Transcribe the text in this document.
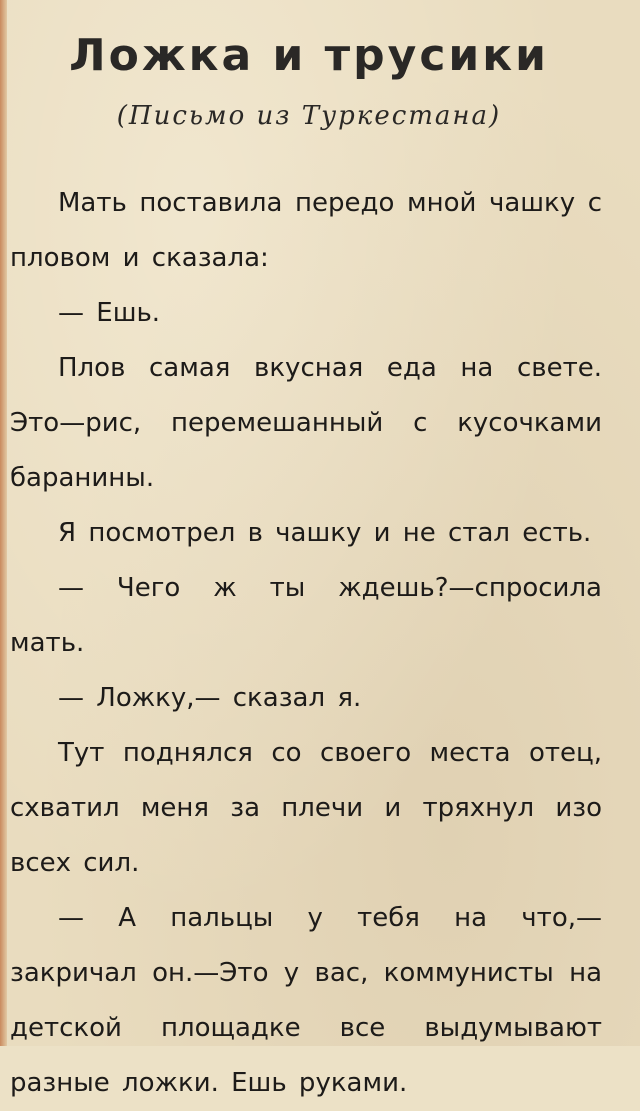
Ложка и трусики
(Письмо из Туркестана)

Мать поставила передо мной чашку с пловом и сказала:

— Ешь.

Плов самая вкусная еда на свете. Это—рис, перемешанный с кусочками баранины.

Я посмотрел в чашку и не стал есть.

— Чего ж ты ждешь?—спросила мать.

— Ложку,— сказал я.

Тут поднялся со своего места отец, схватил меня за плечи и тряхнул изо всех сил.

— А пальцы у тебя на что,— закричал он.—Это у вас, коммунисты на детской площадке все выдумывают разные ложки. Ешь руками.
